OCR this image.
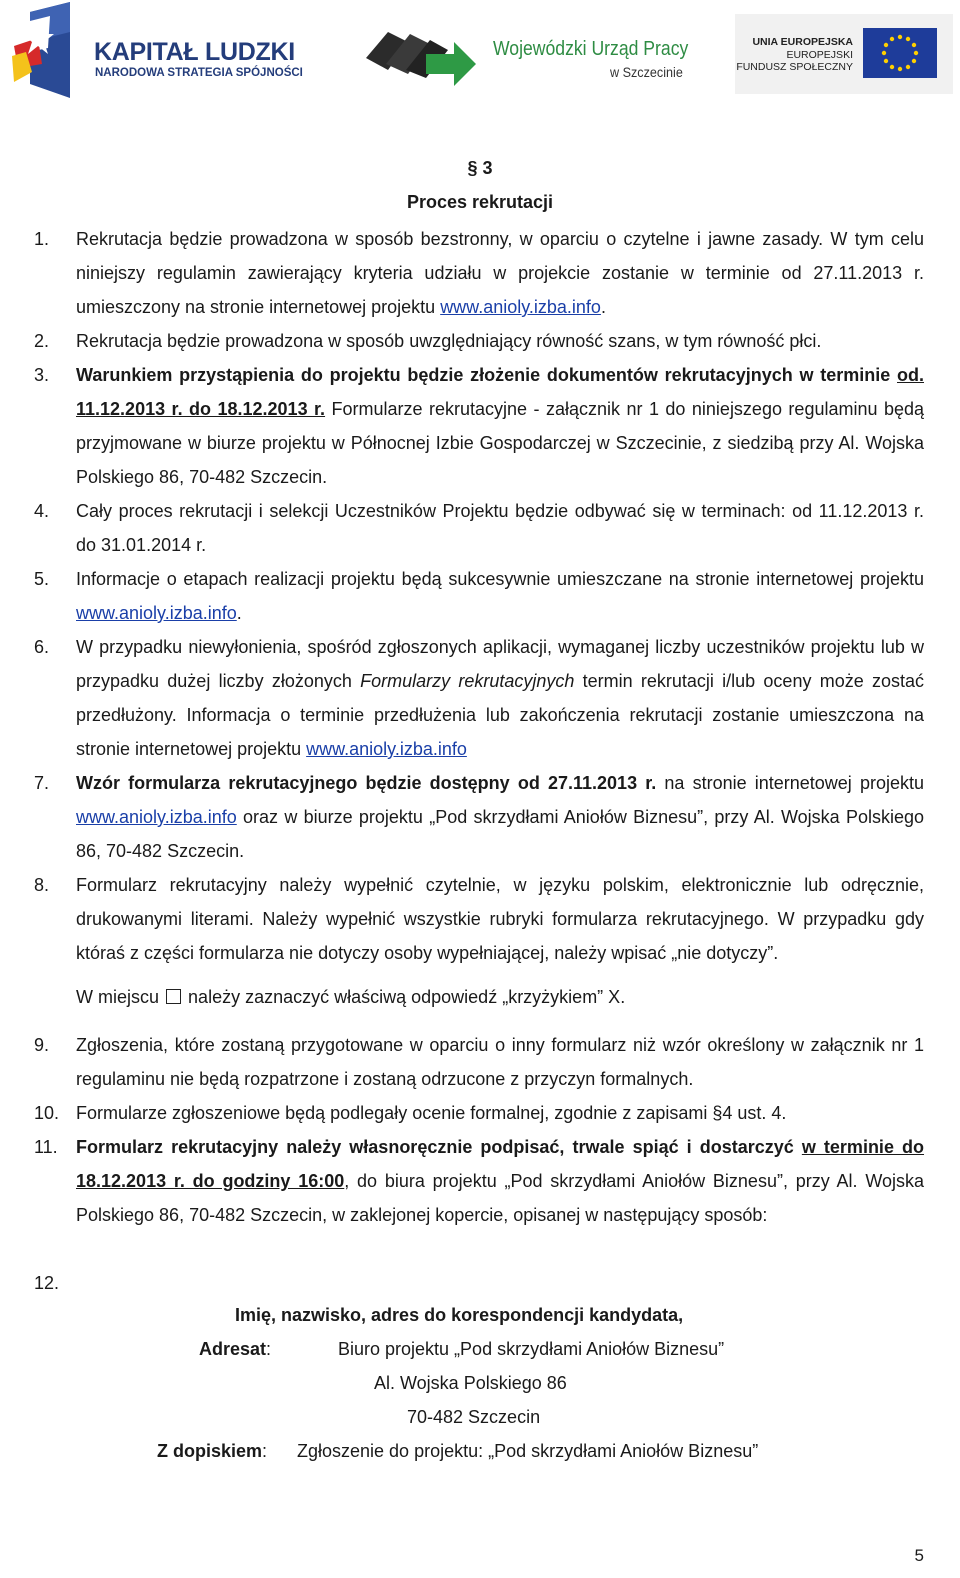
KAPITAŁ LUDZKI
NARODOWA STRATEGIA SPÓJNOŚCI
Wojewódzki Urząd Pracy
w Szczecinie
UNIA EUROPEJSKA
EUROPEJSKI
FUNDUSZ SPOŁECZNY
§ 3
Proces rekrutacji
1. Rekrutacja będzie prowadzona w sposób bezstronny, w oparciu o czytelne i jawne zasady. W tym celu niniejszy regulamin zawierający kryteria udziału w projekcie zostanie w terminie od 27.11.2013 r. umieszczony na stronie internetowej projektu www.anioly.izba.info.

2. Rekrutacja będzie prowadzona w sposób uwzględniający równość szans, w tym równość płci.

3. Warunkiem przystąpienia do projektu będzie złożenie dokumentów rekrutacyjnych w terminie od. 11.12.2013 r. do 18.12.2013 r. Formularze rekrutacyjne - załącznik nr 1 do niniejszego regulaminu będą przyjmowane w biurze projektu w Północnej Izbie Gospodarczej w Szczecinie, z siedzibą przy Al. Wojska Polskiego 86, 70-482 Szczecin.

4. Cały proces rekrutacji i selekcji Uczestników Projektu będzie odbywać się w terminach: od 11.12.2013 r. do 31.01.2014 r.

5. Informacje o etapach realizacji projektu będą sukcesywnie umieszczane na stronie internetowej projektu www.anioly.izba.info.

6. W przypadku niewyłonienia, spośród zgłoszonych aplikacji, wymaganej liczby uczestników projektu lub w przypadku dużej liczby złożonych Formularzy rekrutacyjnych termin rekrutacji i/lub oceny może zostać przedłużony. Informacja o terminie przedłużenia lub zakończenia rekrutacji zostanie umieszczona na stronie internetowej projektu www.anioly.izba.info

7. Wzór formularza rekrutacyjnego będzie dostępny od 27.11.2013 r. na stronie internetowej projektu www.anioly.izba.info oraz w biurze projektu „Pod skrzydłami Aniołów Biznesu”, przy Al. Wojska Polskiego 86, 70-482 Szczecin.

8. Formularz rekrutacyjny należy wypełnić czytelnie, w języku polskim, elektronicznie lub odręcznie, drukowanymi literami. Należy wypełnić wszystkie rubryki formularza rekrutacyjnego. W przypadku gdy któraś z części formularza nie dotyczy osoby wypełniającej, należy wpisać „nie dotyczy”.

W miejscu należy zaznaczyć właściwą odpowiedź „krzyżykiem” X.

9. Zgłoszenia, które zostaną przygotowane w oparciu o inny formularz niż wzór określony w załącznik nr 1 regulaminu nie będą rozpatrzone i zostaną odrzucone z przyczyn formalnych.

10. Formularze zgłoszeniowe będą podlegały ocenie formalnej, zgodnie z zapisami §4 ust. 4.

11. Formularz rekrutacyjny należy własnoręcznie podpisać, trwale spiąć i dostarczyć w terminie do 18.12.2013 r. do godziny 16:00, do biura projektu „Pod skrzydłami Aniołów Biznesu”, przy Al. Wojska Polskiego 86, 70-482 Szczecin, w zaklejonej kopercie, opisanej w następujący sposób:

12.
Imię, nazwisko, adres do korespondencji kandydata,
Adresat:	Biuro projektu „Pod skrzydłami Aniołów Biznesu”
Al. Wojska Polskiego 86
70-482 Szczecin
Z dopiskiem: Zgłoszenie do projektu: „Pod skrzydłami Aniołów Biznesu”
5
